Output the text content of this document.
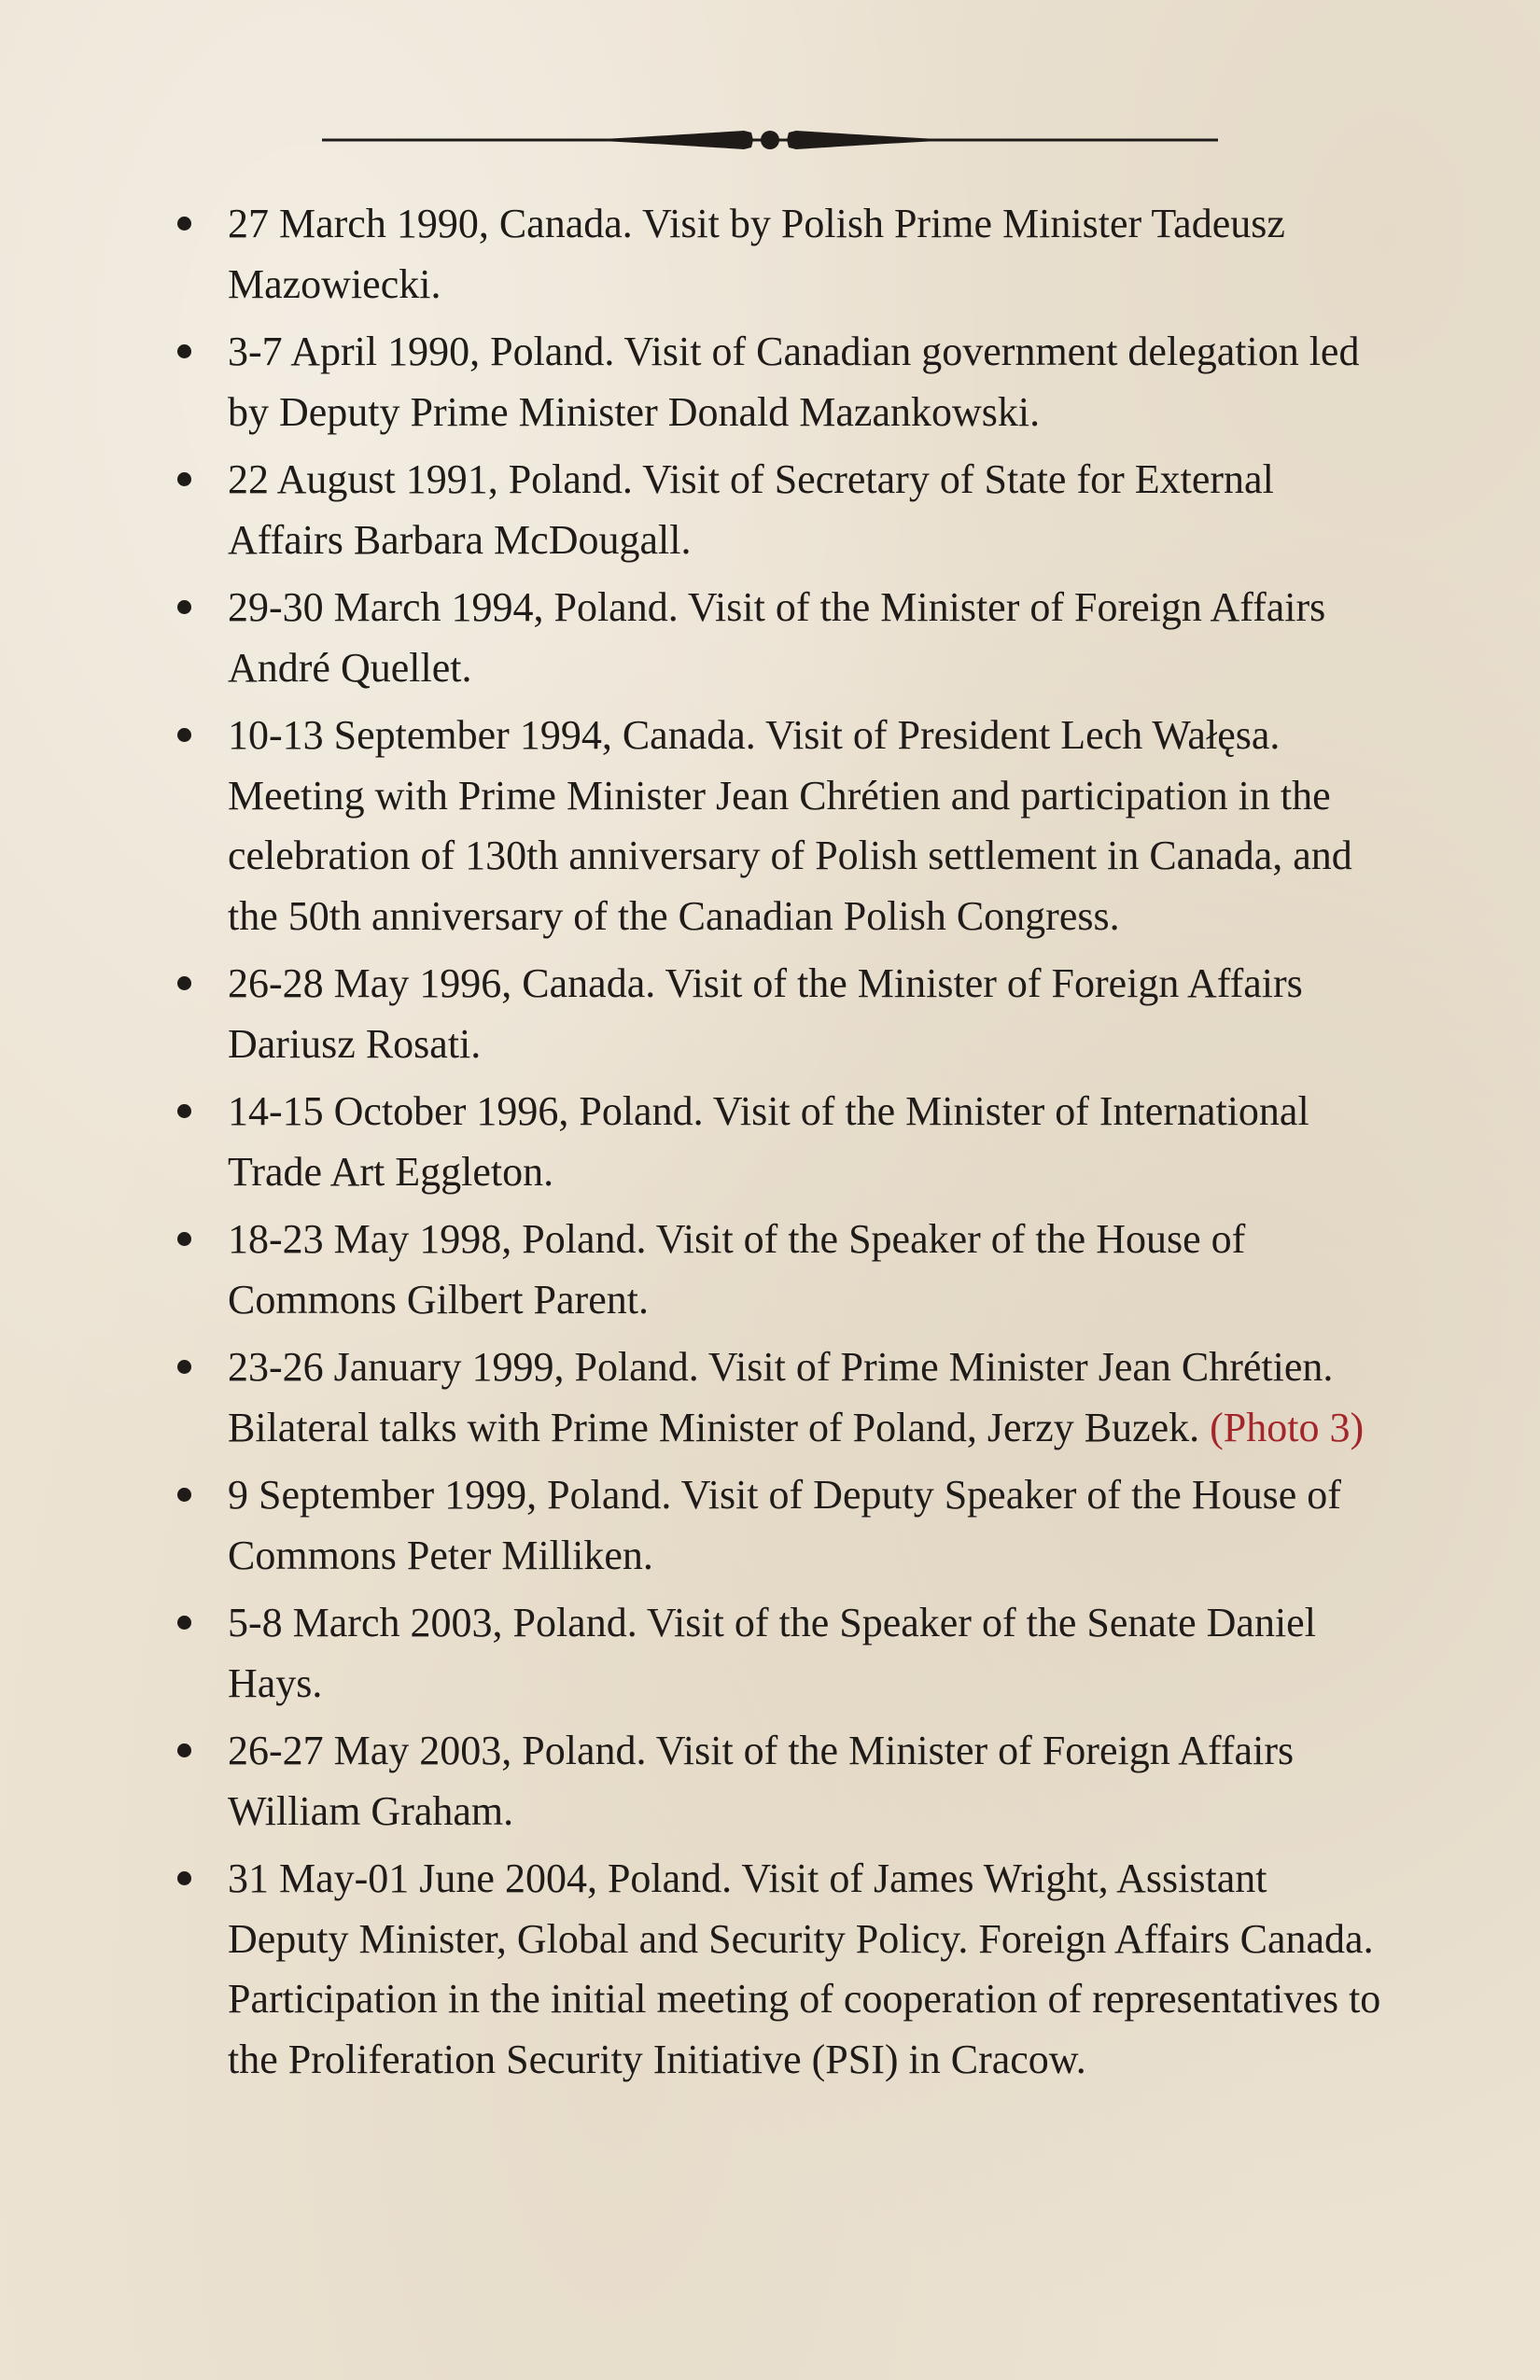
27 March 1990, Canada. Visit by Polish Prime Minister Tadeusz Mazowiecki.
3-7 April 1990, Poland. Visit of Canadian government delegation led by Deputy Prime Minister Donald Mazankowski.
22 August 1991, Poland. Visit of Secretary of State for External Affairs Barbara McDougall.
29-30 March 1994, Poland. Visit of the Minister of Foreign Affairs André Quellet.
10-13 September 1994, Canada. Visit of President Lech Wałęsa. Meeting with Prime Minister Jean Chrétien and participation in the celebration of 130th anniversary of Polish settlement in Canada, and the 50th anniversary of the Canadian Polish Congress.
26-28 May 1996, Canada. Visit of the Minister of Foreign Affairs Dariusz Rosati.
14-15 October 1996, Poland. Visit of the Minister of International Trade Art Eggleton.
18-23 May 1998, Poland. Visit of the Speaker of the House of Commons Gilbert Parent.
23-26 January 1999, Poland. Visit of Prime Minister Jean Chrétien. Bilateral talks with Prime Minister of Poland, Jerzy Buzek. (Photo 3)
9 September 1999, Poland. Visit of Deputy Speaker of the House of Commons Peter Milliken.
5-8 March 2003, Poland. Visit of the Speaker of the Senate Daniel Hays.
26-27 May 2003, Poland. Visit of the Minister of Foreign Affairs William Graham.
31 May-01 June 2004, Poland. Visit of James Wright, Assistant Deputy Minister, Global and Security Policy. Foreign Affairs Canada. Participation in the initial meeting of cooperation of representatives to the Proliferation Security Initiative (PSI) in Cracow.
